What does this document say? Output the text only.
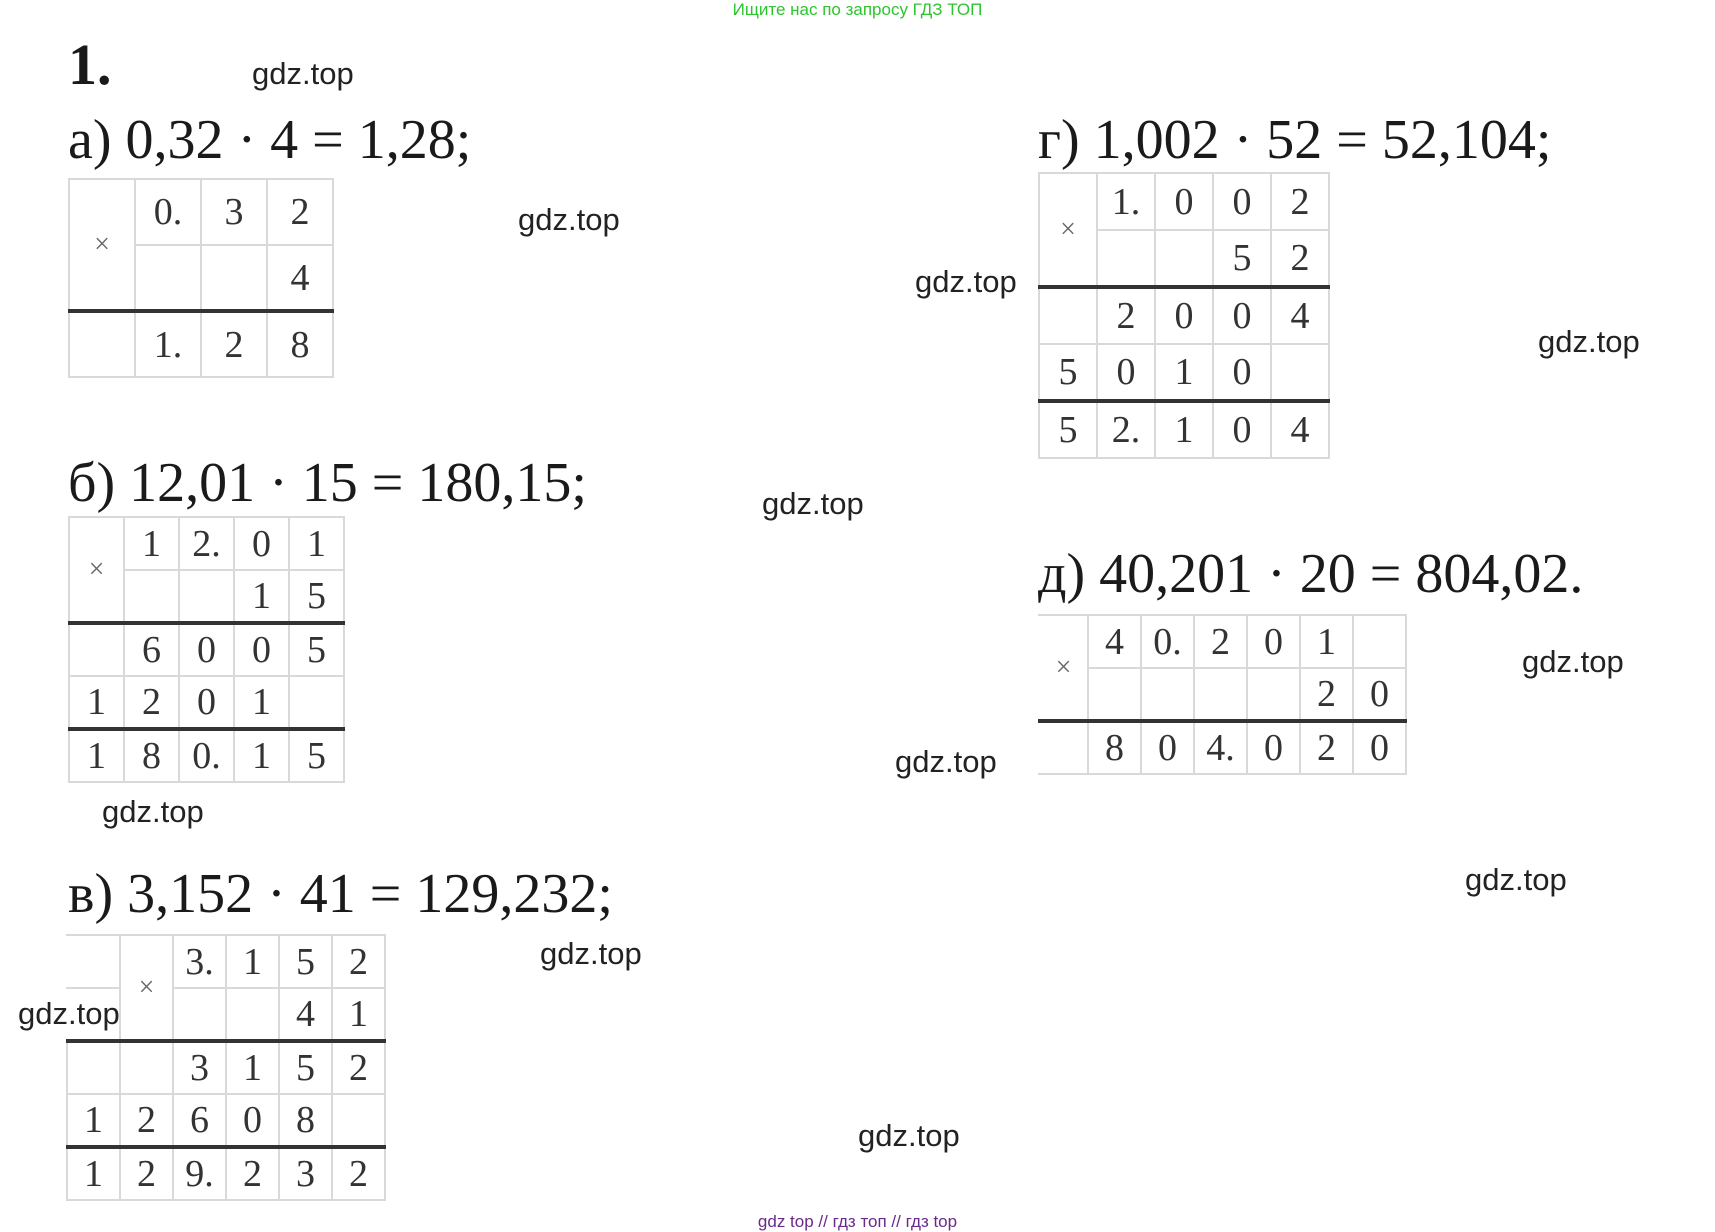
Ищите нас по запросу ГДЗ ТОП
1.
а) 0,32 · 4 = 1,28;
×	0.	3	2
			4
	1.	2	8
б) 12,01 · 15 = 180,15;
×	1	2.	0	1
			1	5
	6	0	0	5
1	2	0	1	
1	8	0.	1	5
в) 3,152 · 41 = 129,232;
	×	3.	1	5	2
				4	1
		3	1	5	2
1	2	6	0	8	
1	2	9.	2	3	2
г) 1,002 · 52 = 52,104;
×	1.	0	0	2
			5	2
	2	0	0	4
5	0	1	0	
5	2.	1	0	4
д) 40,201 · 20 = 804,02.
×	4	0.	2	0	1	
					2	0
	8	0	4.	0	2	0
gdz.top
gdz.top
gdz.top
gdz.top
gdz.top
gdz.top
gdz.top
gdz.top
gdz.top
gdz.top
gdz.top
gdz.top
gdz top // гдз топ // гдз top
